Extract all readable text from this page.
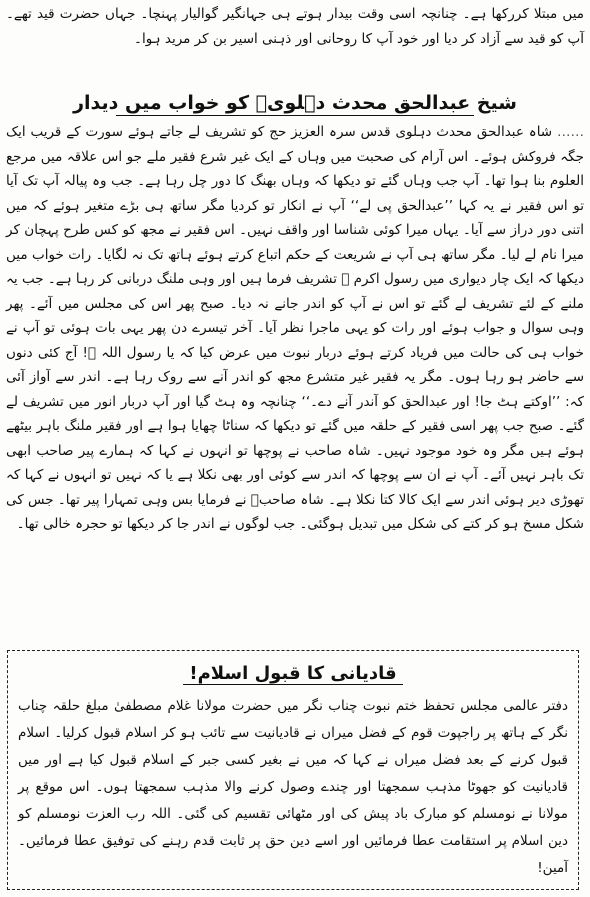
میں مبتلا کررکھا ہے۔ چنانچہ اسی وقت بیدار ہوتے ہی جہانگیر گوالیار پہنچا۔ جہاں حضرت قید تھے۔ آپ کو قید سے آزاد کر دیا اور خود آپ کا روحانی اور ذہنی اسیر بن کر مرید ہوا۔

شیخ عبدالحق محدث دہلویؒ کو خواب میں دیدار

…… شاہ عبدالحق محدث دہلوی قدس سرہ العزیز حج کو تشریف لے جاتے ہوئے سورت کے قریب ایک جگہ فروکش ہوئے۔ اس آرام کی صحبت میں وہاں کے ایک غیر شرع فقیر ملے جو اس علاقہ میں مرجع العلوم بنا ہوا تھا۔ آپ جب وہاں گئے تو دیکھا کہ وہاں بھنگ کا دور چل رہا ہے۔ جب وہ پیالہ آپ تک آیا تو اس فقیر نے یہ کہا ’’عبدالحق پی لے‘‘ آپ نے انکار تو کردیا مگر ساتھ ہی بڑے متغیر ہوئے کہ میں اتنی دور دراز سے آیا۔ یہاں میرا کوئی شناسا اور واقف نہیں۔ اس فقیر نے مجھ کو کس طرح پہچان کر میرا نام لے لیا۔ مگر ساتھ ہی آپ نے شریعت کے حکم اتباع کرتے ہوئے ہاتھ تک نہ لگایا۔ رات خواب میں دیکھا کہ ایک چار دیواری میں رسول اکرم ﷺ تشریف فرما ہیں اور وہی ملنگ دربانی کر رہا ہے۔ جب یہ ملنے کے لئے تشریف لے گئے تو اس نے آپ کو اندر جانے نہ دیا۔ صبح پھر اس کی مجلس میں آئے۔ پھر وہی سوال و جواب ہوئے اور رات کو یہی ماجرا نظر آیا۔ آخر تیسرے دن پھر یہی بات ہوئی تو آپ نے خواب ہی کی حالت میں فریاد کرتے ہوئے دربار نبوت میں عرض کیا کہ یا رسول اللہ ﷺ! آج کئی دنوں سے حاضر ہو رہا ہوں۔ مگر یہ فقیر غیر متشرع مجھ کو اندر آنے سے روک رہا ہے۔ اندر سے آواز آئی کہ: ’’اوکتے ہٹ جا! اور عبدالحق کو آندر آنے دے۔‘‘ چنانچہ وہ ہٹ گیا اور آپ دربار انور میں تشریف لے گئے۔ صبح جب پھر اسی فقیر کے حلقہ میں گئے تو دیکھا کہ سناٹا چھایا ہوا ہے اور فقیر ملنگ باہر بیٹھے ہوئے ہیں مگر وہ خود موجود نہیں۔ شاہ صاحب نے پوچھا تو انہوں نے کہا کہ ہمارے پیر صاحب ابھی تک باہر نہیں آئے۔ آپ نے ان سے پوچھا کہ اندر سے کوئی اور بھی نکلا ہے یا کہ نہیں تو انہوں نے کہا کہ تھوڑی دیر ہوئی اندر سے ایک کالا کتا نکلا ہے۔ شاہ صاحبؒ نے فرمایا بس وہی تمہارا پیر تھا۔ جس کی شکل مسخ ہو کر کتے کی شکل میں تبدیل ہوگئی۔ جب لوگوں نے اندر جا کر دیکھا تو حجرہ خالی تھا۔

قادیانی کا قبول اسلام!

دفتر عالمی مجلس تحفظ ختم نبوت چناب نگر میں حضرت مولانا غلام مصطفیٰ مبلغ حلقہ چناب نگر کے ہاتھ پر راجپوت قوم کے فضل میراں نے قادیانیت سے تائب ہو کر اسلام قبول کرلیا۔ اسلام قبول کرنے کے بعد فضل میراں نے کہا کہ میں نے بغیر کسی جبر کے اسلام قبول کیا ہے اور میں قادیانیت کو جھوٹا مذہب سمجھتا اور چندے وصول کرنے والا مذہب سمجھتا ہوں۔ اس موقع پر مولانا نے نومسلم کو مبارک باد پیش کی اور مٹھائی تقسیم کی گئی۔ اللہ رب العزت نومسلم کو دین اسلام پر استقامت عطا فرمائیں اور اسے دین حق پر ثابت قدم رہنے کی توفیق عطا فرمائیں۔ آمین!
